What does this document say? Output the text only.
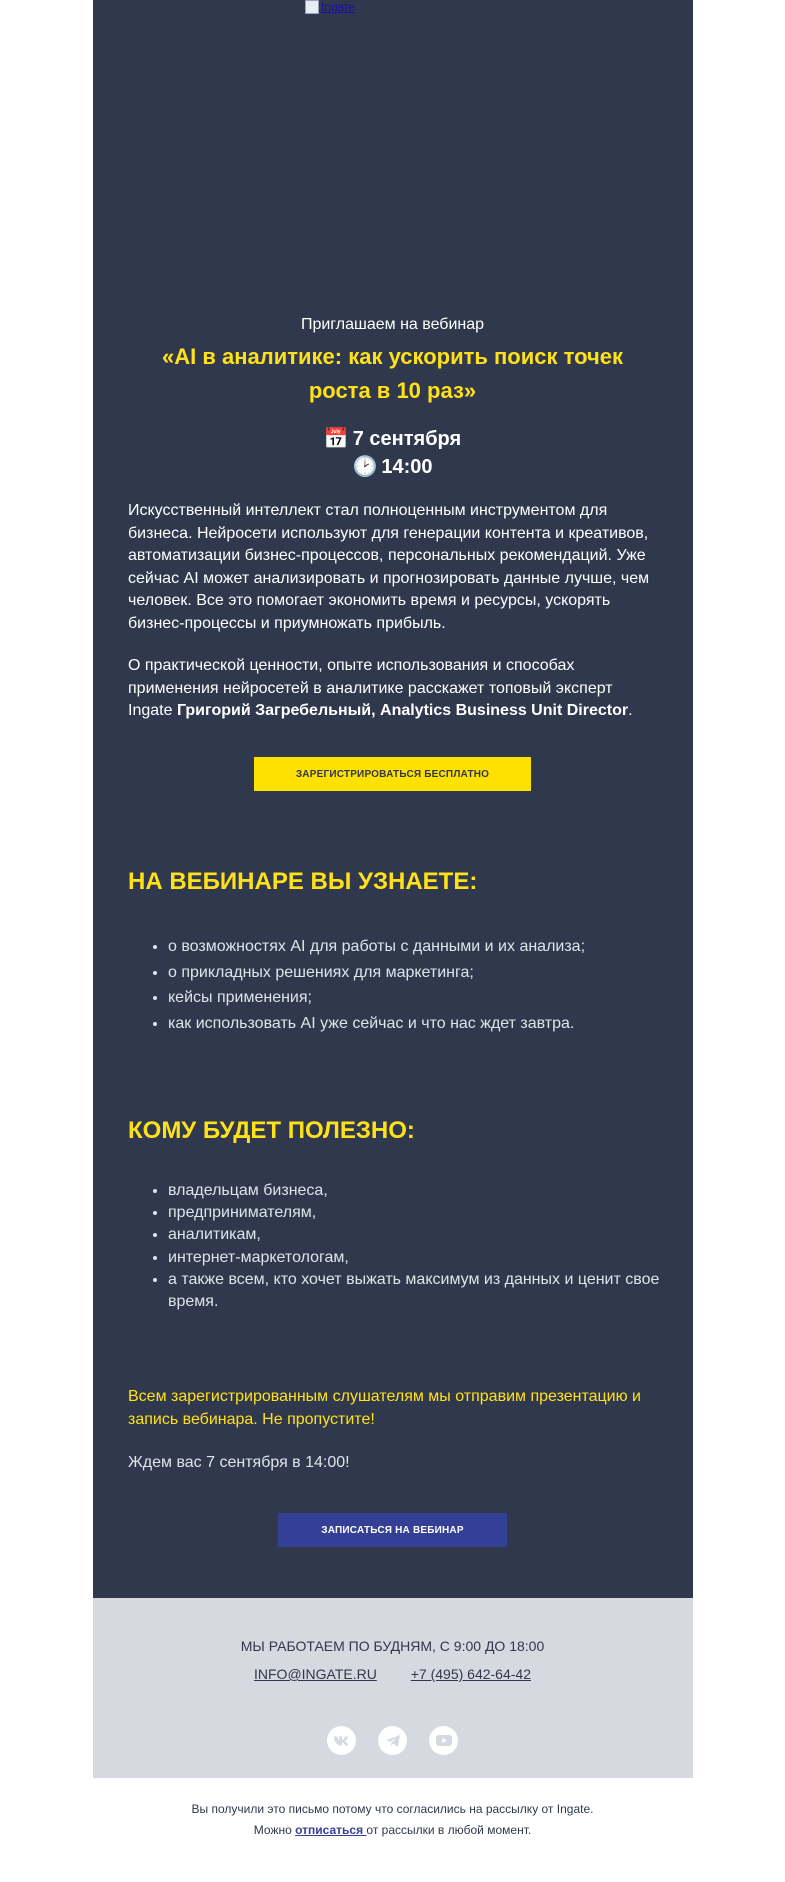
Ingate
Приглашаем на вебинар
«AI в аналитике: как ускорить поиск точек
роста в 10 раз»
📅 7 сентября
🕑 14:00
Искусственный интеллект стал полноценным инструментом для бизнеса. Нейросети используют для генерации контента и креативов, автоматизации бизнес-процессов, персональных рекомендаций. Уже сейчас AI может анализировать и прогнозировать данные лучше, чем человек. Все это помогает экономить время и ресурсы, ускорять бизнес-процессы и приумножать прибыль.
О практической ценности, опыте использования и способах применения нейросетей в аналитике расскажет топовый эксперт Ingate Григорий Загребельный, Analytics Business Unit Director.
ЗАРЕГИСТРИРОВАТЬСЯ БЕСПЛАТНО
НА ВЕБИНАРЕ ВЫ УЗНАЕТЕ:
• о возможностях AI для работы с данными и их анализа;
• о прикладных решениях для маркетинга;
• кейсы применения;
• как использовать AI уже сейчас и что нас ждет завтра.
КОМУ БУДЕТ ПОЛЕЗНО:
• владельцам бизнеса,
• предпринимателям,
• аналитикам,
• интернет-маркетологам,
• а также всем, кто хочет выжать максимум из данных и ценит свое время.
Всем зарегистрированным слушателям мы отправим презентацию и запись вебинара. Не пропустите!
Ждем вас 7 сентября в 14:00!
ЗАПИСАТЬСЯ НА ВЕБИНАР
МЫ РАБОТАЕМ ПО БУДНЯМ, С 9:00 ДО 18:00
INFO@INGATE.RU +7 (495) 642-64-42
Вы получили это письмо потому что согласились на рассылку от Ingate.
Можно отписаться от рассылки в любой момент.
